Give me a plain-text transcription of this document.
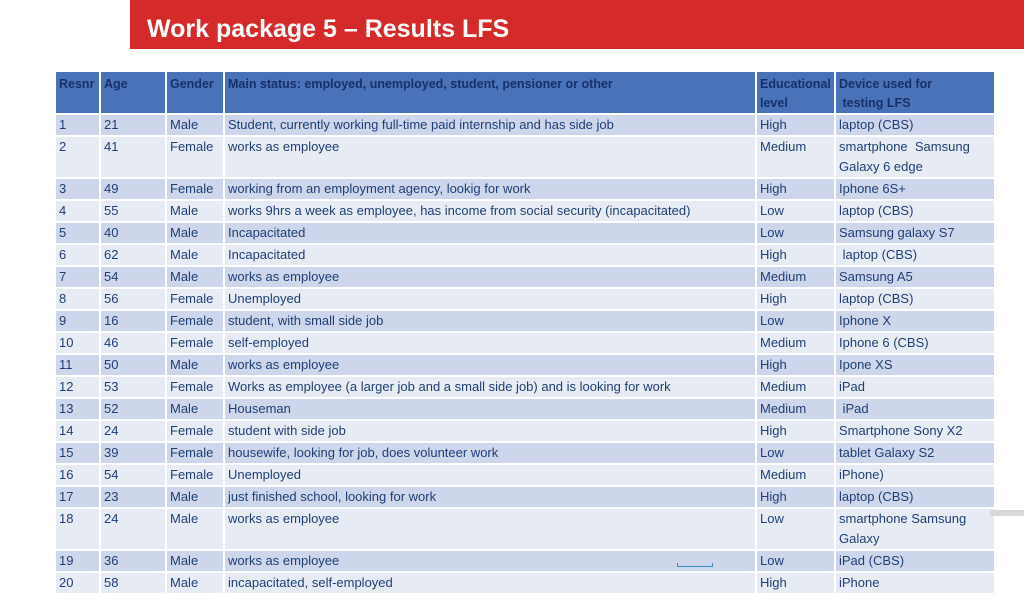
Work package 5 – Results LFS
Resnr	Age	Gender	Main status: employed, unemployed, student, pensioner or other	Educational
level	Device used for
testing LFS

1	21	Male	Student, currently working full-time paid internship and has side job	High	laptop (CBS)

2	41	Female	works as employee	Medium	smartphone  Samsung
Galaxy 6 edge

3	49	Female	working from an employment agency, lookig for work	High	Iphone 6S+

4	55	Male	works 9hrs a week as employee, has income from social security (incapacitated)	Low	laptop (CBS)

5	40	Male	Incapacitated	Low	Samsung galaxy S7

6	62	Male	Incapacitated	High	laptop (CBS)

7	54	Male	works as employee	Medium	Samsung A5

8	56	Female	Unemployed	High	laptop (CBS)

9	16	Female	student, with small side job	Low	Iphone X

10	46	Female	self-employed	Medium	Iphone 6 (CBS)

11	50	Male	works as employee	High	Ipone XS

12	53	Female	Works as employee (a larger job and a small side job) and is looking for work	Medium	iPad

13	52	Male	Houseman	Medium	iPad

14	24	Female	student with side job	High	Smartphone Sony X2

15	39	Female	housewife, looking for job, does volunteer work	Low	tablet Galaxy S2

16	54	Female	Unemployed	Medium	iPhone)

17	23	Male	just finished school, looking for work	High	laptop (CBS)

18	24	Male	works as employee	Low	smartphone Samsung
Galaxy

19	36	Male	works as employee	Low	iPad (CBS)

20	58	Male	incapacitated, self-employed	High	iPhone
